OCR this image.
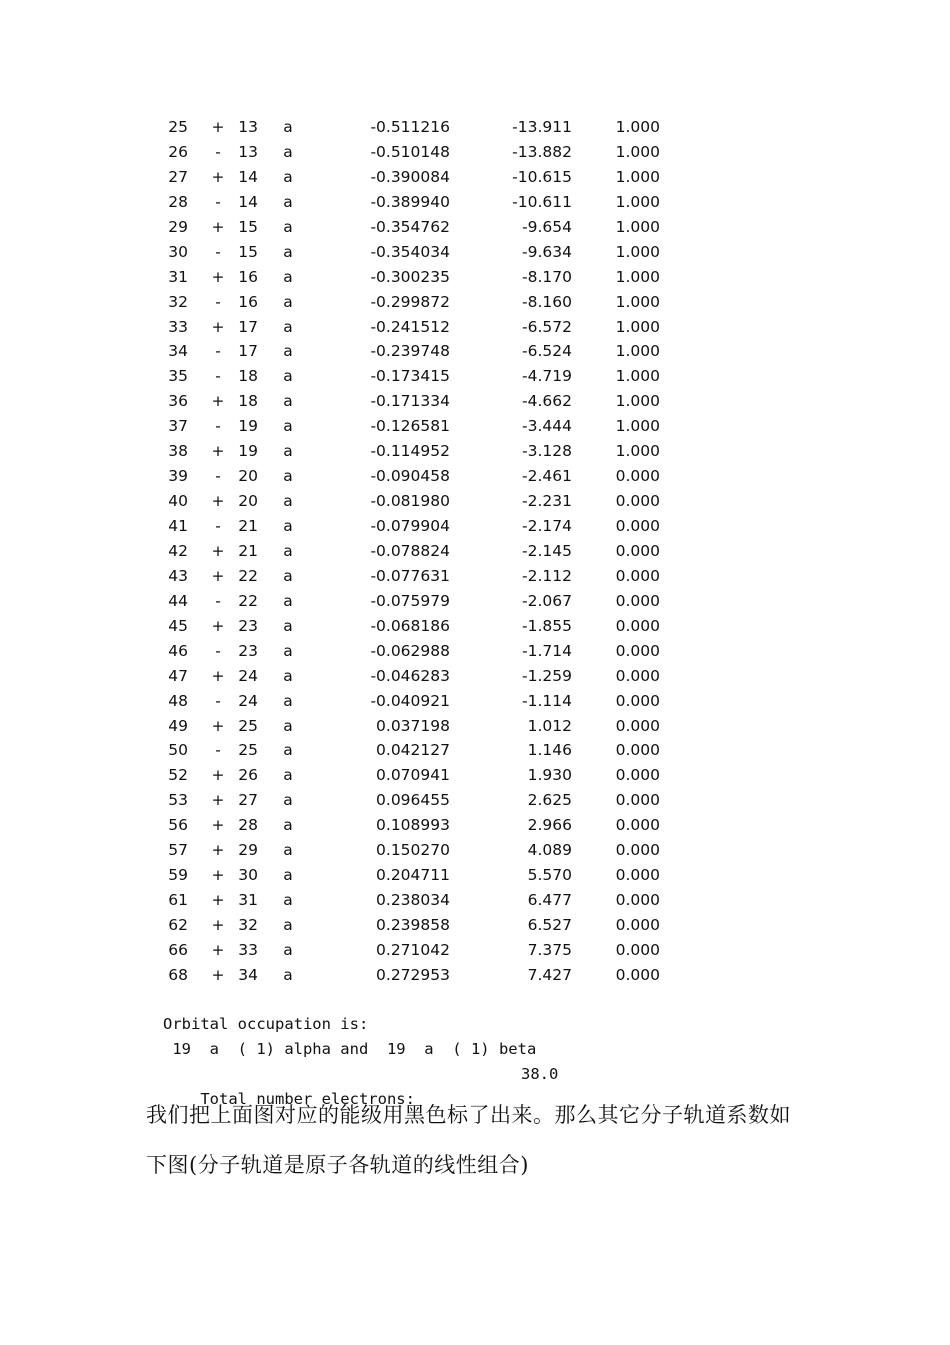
25 + 13 a	-0.511216	-13.911	1.000
26	-	13 a	-0.510148	-13.882	1.000
27 + 14 a	-0.390084	-10.615	1.000
28	-	14 a	-0.389940	-10.611	1.000
29 + 15 a	-0.354762	-9.654	1.000
30	-	15 a	-0.354034	-9.634	1.000
31 + 16 a	-0.300235	-8.170	1.000
32	-	16 a	-0.299872	-8.160	1.000
33 + 17 a	-0.241512	-6.572	1.000
34	-	17 a	-0.239748	-6.524	1.000
35	-	18 a	-0.173415	-4.719	1.000
36 + 18 a	-0.171334	-4.662	1.000
37	-	19 a	-0.126581	-3.444	1.000
38 + 19 a	-0.114952	-3.128	1.000
39	-	20 a	-0.090458	-2.461	0.000
40 + 20 a	-0.081980	-2.231	0.000
41	-	21 a	-0.079904	-2.174	0.000
42 + 21 a	-0.078824	-2.145	0.000
43 + 22 a	-0.077631	-2.112	0.000
44	-	22 a	-0.075979	-2.067	0.000
45 + 23 a	-0.068186	-1.855	0.000
46	-	23 a	-0.062988	-1.714	0.000
47 + 24 a	-0.046283	-1.259	0.000
48	-	24 a	-0.040921	-1.114	0.000
49 + 25 a	0.037198	1.012	0.000
50	-	25 a	0.042127	1.146	0.000
52 + 26 a	0.070941	1.930	0.000
53 + 27 a	0.096455	2.625	0.000
56 + 28 a	0.108993	2.966	0.000
57 + 29 a	0.150270	4.089	0.000
59 + 30 a	0.204711	5.570	0.000
61 + 31 a	0.238034	6.477	0.000
62 + 32 a	0.239858	6.527	0.000
66 + 33 a	0.271042	7.375	0.000
68 + 34 a	0.272953	7.427	0.000
Orbital occupation is:
19  a  ( 1) alpha and  19  a  ( 1) beta

Total number electrons:

38.0

我们把上面图对应的能级用黑色标了出来。那么其它分子轨道系数如

下图(分子轨道是原子各轨道的线性组合)
